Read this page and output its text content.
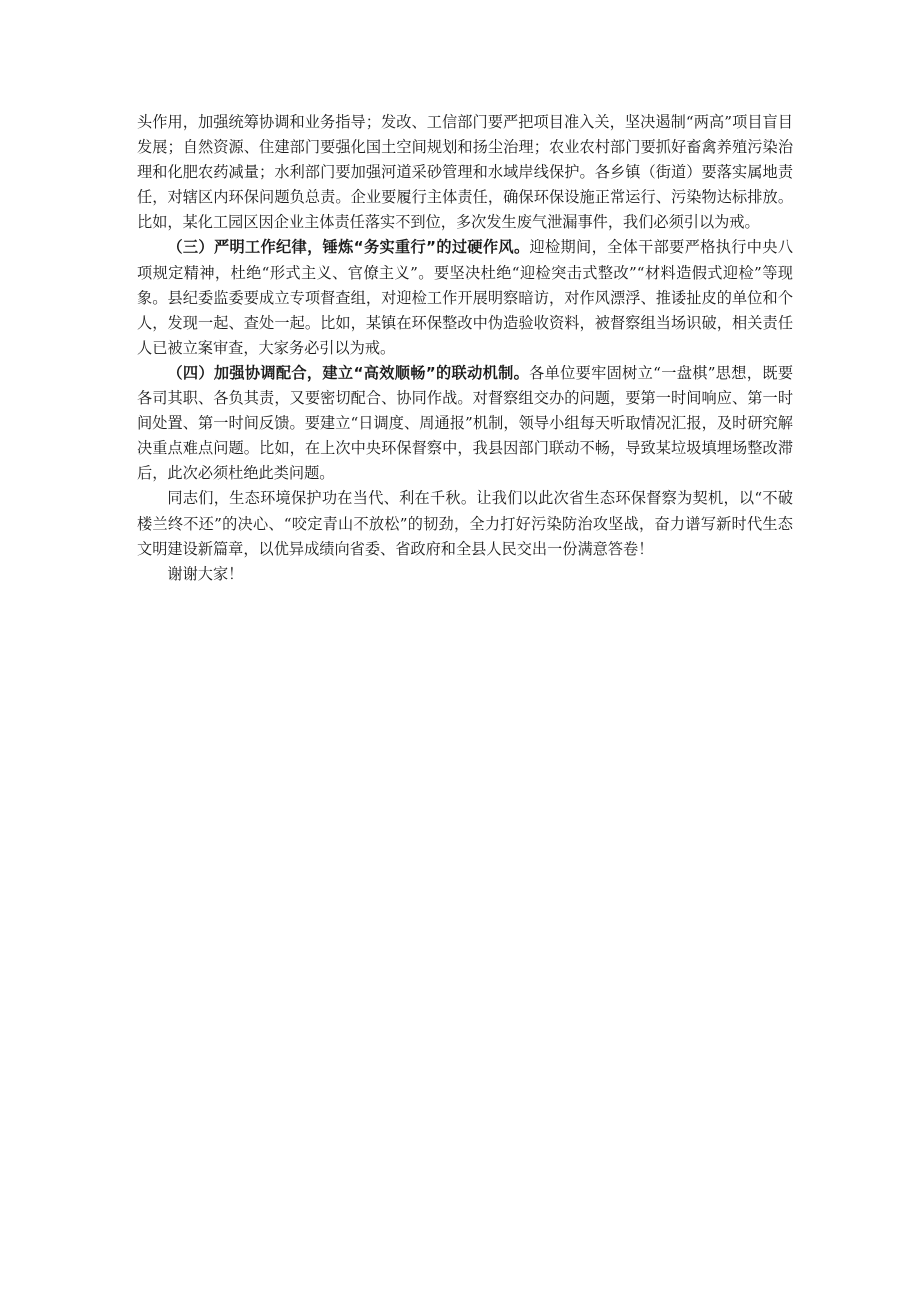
头作用，加强统筹协调和业务指导；发改、工信部门要严把项目准入关，坚决遏制“两高”项目盲目发展；自然资源、住建部门要强化国土空间规划和扬尘治理；农业农村部门要抓好畜禽养殖污染治理和化肥农药减量；水利部门要加强河道采砂管理和水域岸线保护。各乡镇（街道）要落实属地责任，对辖区内环保问题负总责。企业要履行主体责任，确保环保设施正常运行、污染物达标排放。比如，某化工园区因企业主体责任落实不到位，多次发生废气泄漏事件，我们必须引以为戒。

（三）严明工作纪律，锤炼“务实重行”的过硬作风。迎检期间，全体干部要严格执行中央八项规定精神，杜绝“形式主义、官僚主义”。要坚决杜绝“迎检突击式整改”“材料造假式迎检”等现象。县纪委监委要成立专项督查组，对迎检工作开展明察暗访，对作风漂浮、推诿扯皮的单位和个人，发现一起、查处一起。比如，某镇在环保整改中伪造验收资料，被督察组当场识破，相关责任人已被立案审查，大家务必引以为戒。

（四）加强协调配合，建立“高效顺畅”的联动机制。各单位要牢固树立“一盘棋”思想，既要各司其职、各负其责，又要密切配合、协同作战。对督察组交办的问题，要第一时间响应、第一时间处置、第一时间反馈。要建立“日调度、周通报”机制，领导小组每天听取情况汇报，及时研究解决重点难点问题。比如，在上次中央环保督察中，我县因部门联动不畅，导致某垃圾填埋场整改滞后，此次必须杜绝此类问题。

同志们，生态环境保护功在当代、利在千秋。让我们以此次省生态环保督察为契机，以“不破楼兰终不还”的决心、“咬定青山不放松”的韧劲，全力打好污染防治攻坚战，奋力谱写新时代生态文明建设新篇章，以优异成绩向省委、省政府和全县人民交出一份满意答卷！

谢谢大家！
